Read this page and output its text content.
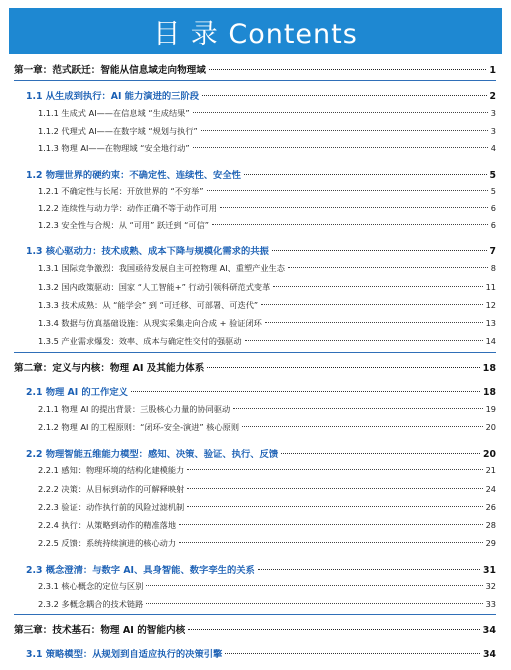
目 录 Contents
第一章：范式跃迁：智能从信息域走向物理域	1
1.1 从生成到执行：AI 能力演进的三阶段	2
1.1.1 生成式 AI——在信息域 “生成结果”	3
1.1.2 代理式 AI——在数字域 “规划与执行”	3
1.1.3 物理 AI——在物理域 “安全地行动”	4
1.2 物理世界的硬约束：不确定性、连续性、安全性	5
1.2.1 不确定性与长尾：开放世界的 “不穷举”	5
1.2.2 连续性与动力学：动作正确不等于动作可用	6
1.2.3 安全性与合规：从 “可用” 跃迁到 “可信”	6
1.3 核心驱动力：技术成熟、成本下降与规模化需求的共振	7
1.3.1 国际竞争激烈：我国亟待发展自主可控物理 AI、重塑产业生态	8
1.3.2 国内政策驱动：国家 “人工智能+” 行动引领科研范式变革	11
1.3.3 技术成熟：从 “能学会” 到 “可迁移、可部署、可迭代”	12
1.3.4 数据与仿真基础设施：从现实采集走向合成 + 验证闭环	13
1.3.5 产业需求爆发：效率、成本与确定性交付的强驱动	14
第二章：定义与内核：物理 AI 及其能力体系	18
2.1 物理 AI 的工作定义	18
2.1.1 物理 AI 的提出背景：三股核心力量的协同驱动	19
2.1.2 物理 AI 的工程原则：“闭环-安全-演进” 核心原则	20
2.2 物理智能五维能力模型：感知、决策、验证、执行、反馈	20
2.2.1 感知：物理环境的结构化建模能力	21
2.2.2 决策：从目标到动作的可解释映射	24
2.2.3 验证：动作执行前的风险过滤机制	26
2.2.4 执行：从策略到动作的精准落地	28
2.2.5 反馈：系统持续演进的核心动力	29
2.3 概念澄清：与数字 AI、具身智能、数字孪生的关系	31
2.3.1 核心概念的定位与区别	32
2.3.2 多概念耦合的技术链路	33
第三章：技术基石：物理 AI 的智能内核	34
3.1 策略模型：从规划到自适应执行的决策引擎	34
